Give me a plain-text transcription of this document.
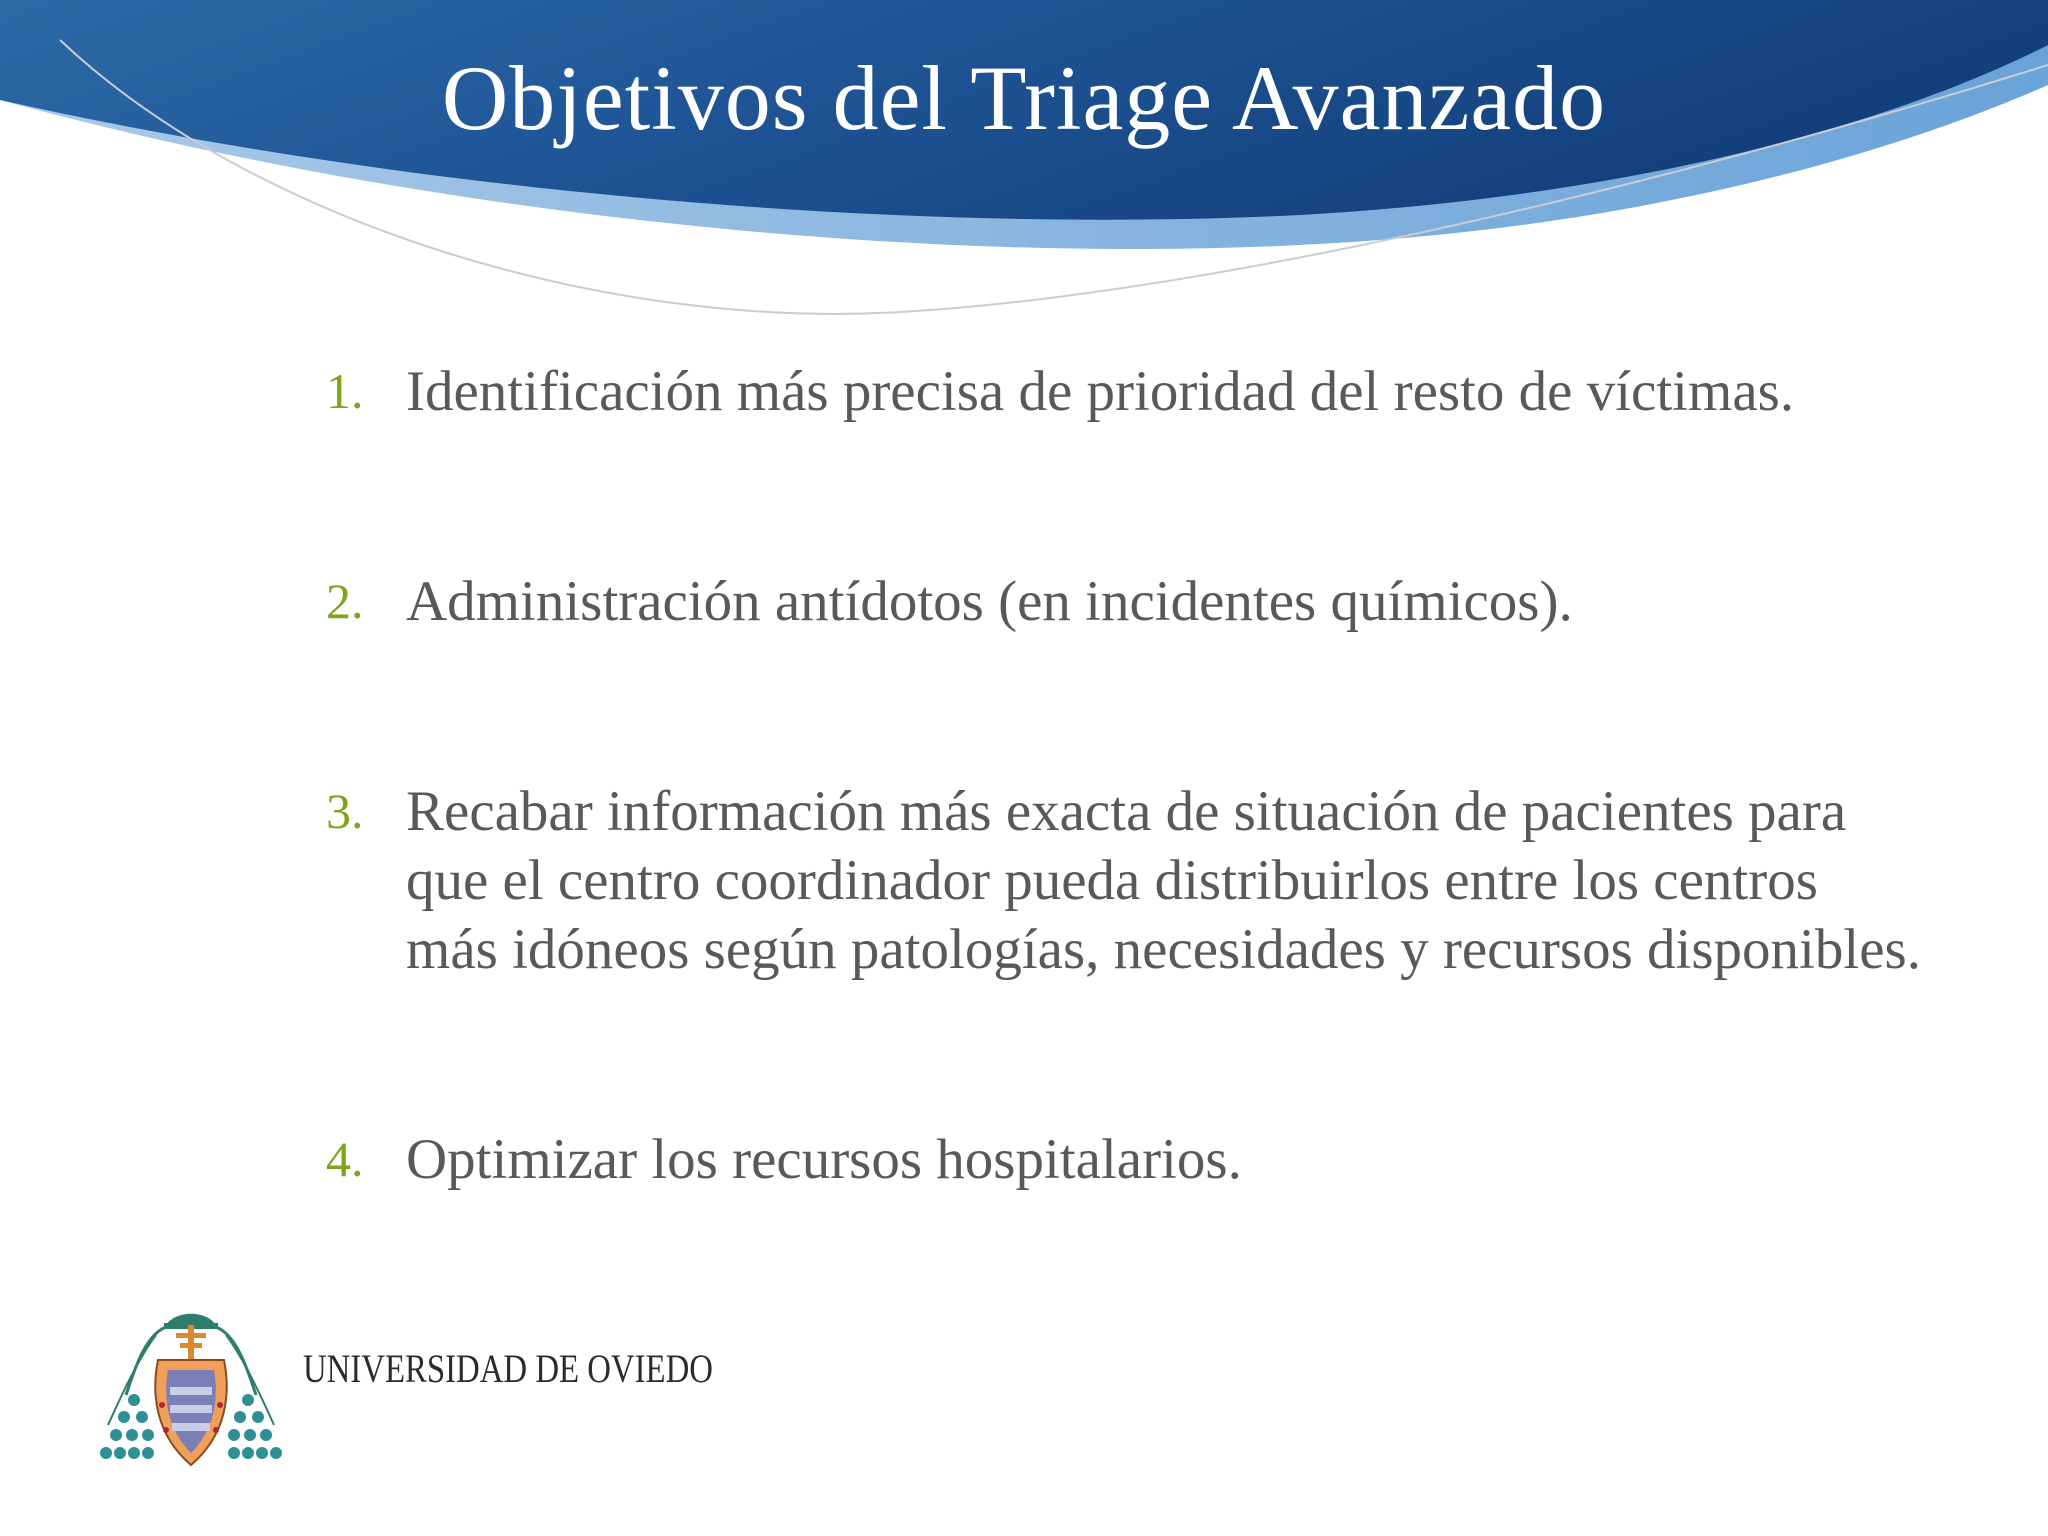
Objetivos del Triage Avanzado
1. Identificación más precisa de prioridad del resto de víctimas.
2. Administración antídotos (en incidentes químicos).
3. Recabar información más exacta de situación de pacientes para
que el centro coordinador pueda distribuirlos entre los centros
más idóneos según patologías, necesidades y recursos disponibles.
4. Optimizar los recursos hospitalarios.
UNIVERSIDAD DE OVIEDO
